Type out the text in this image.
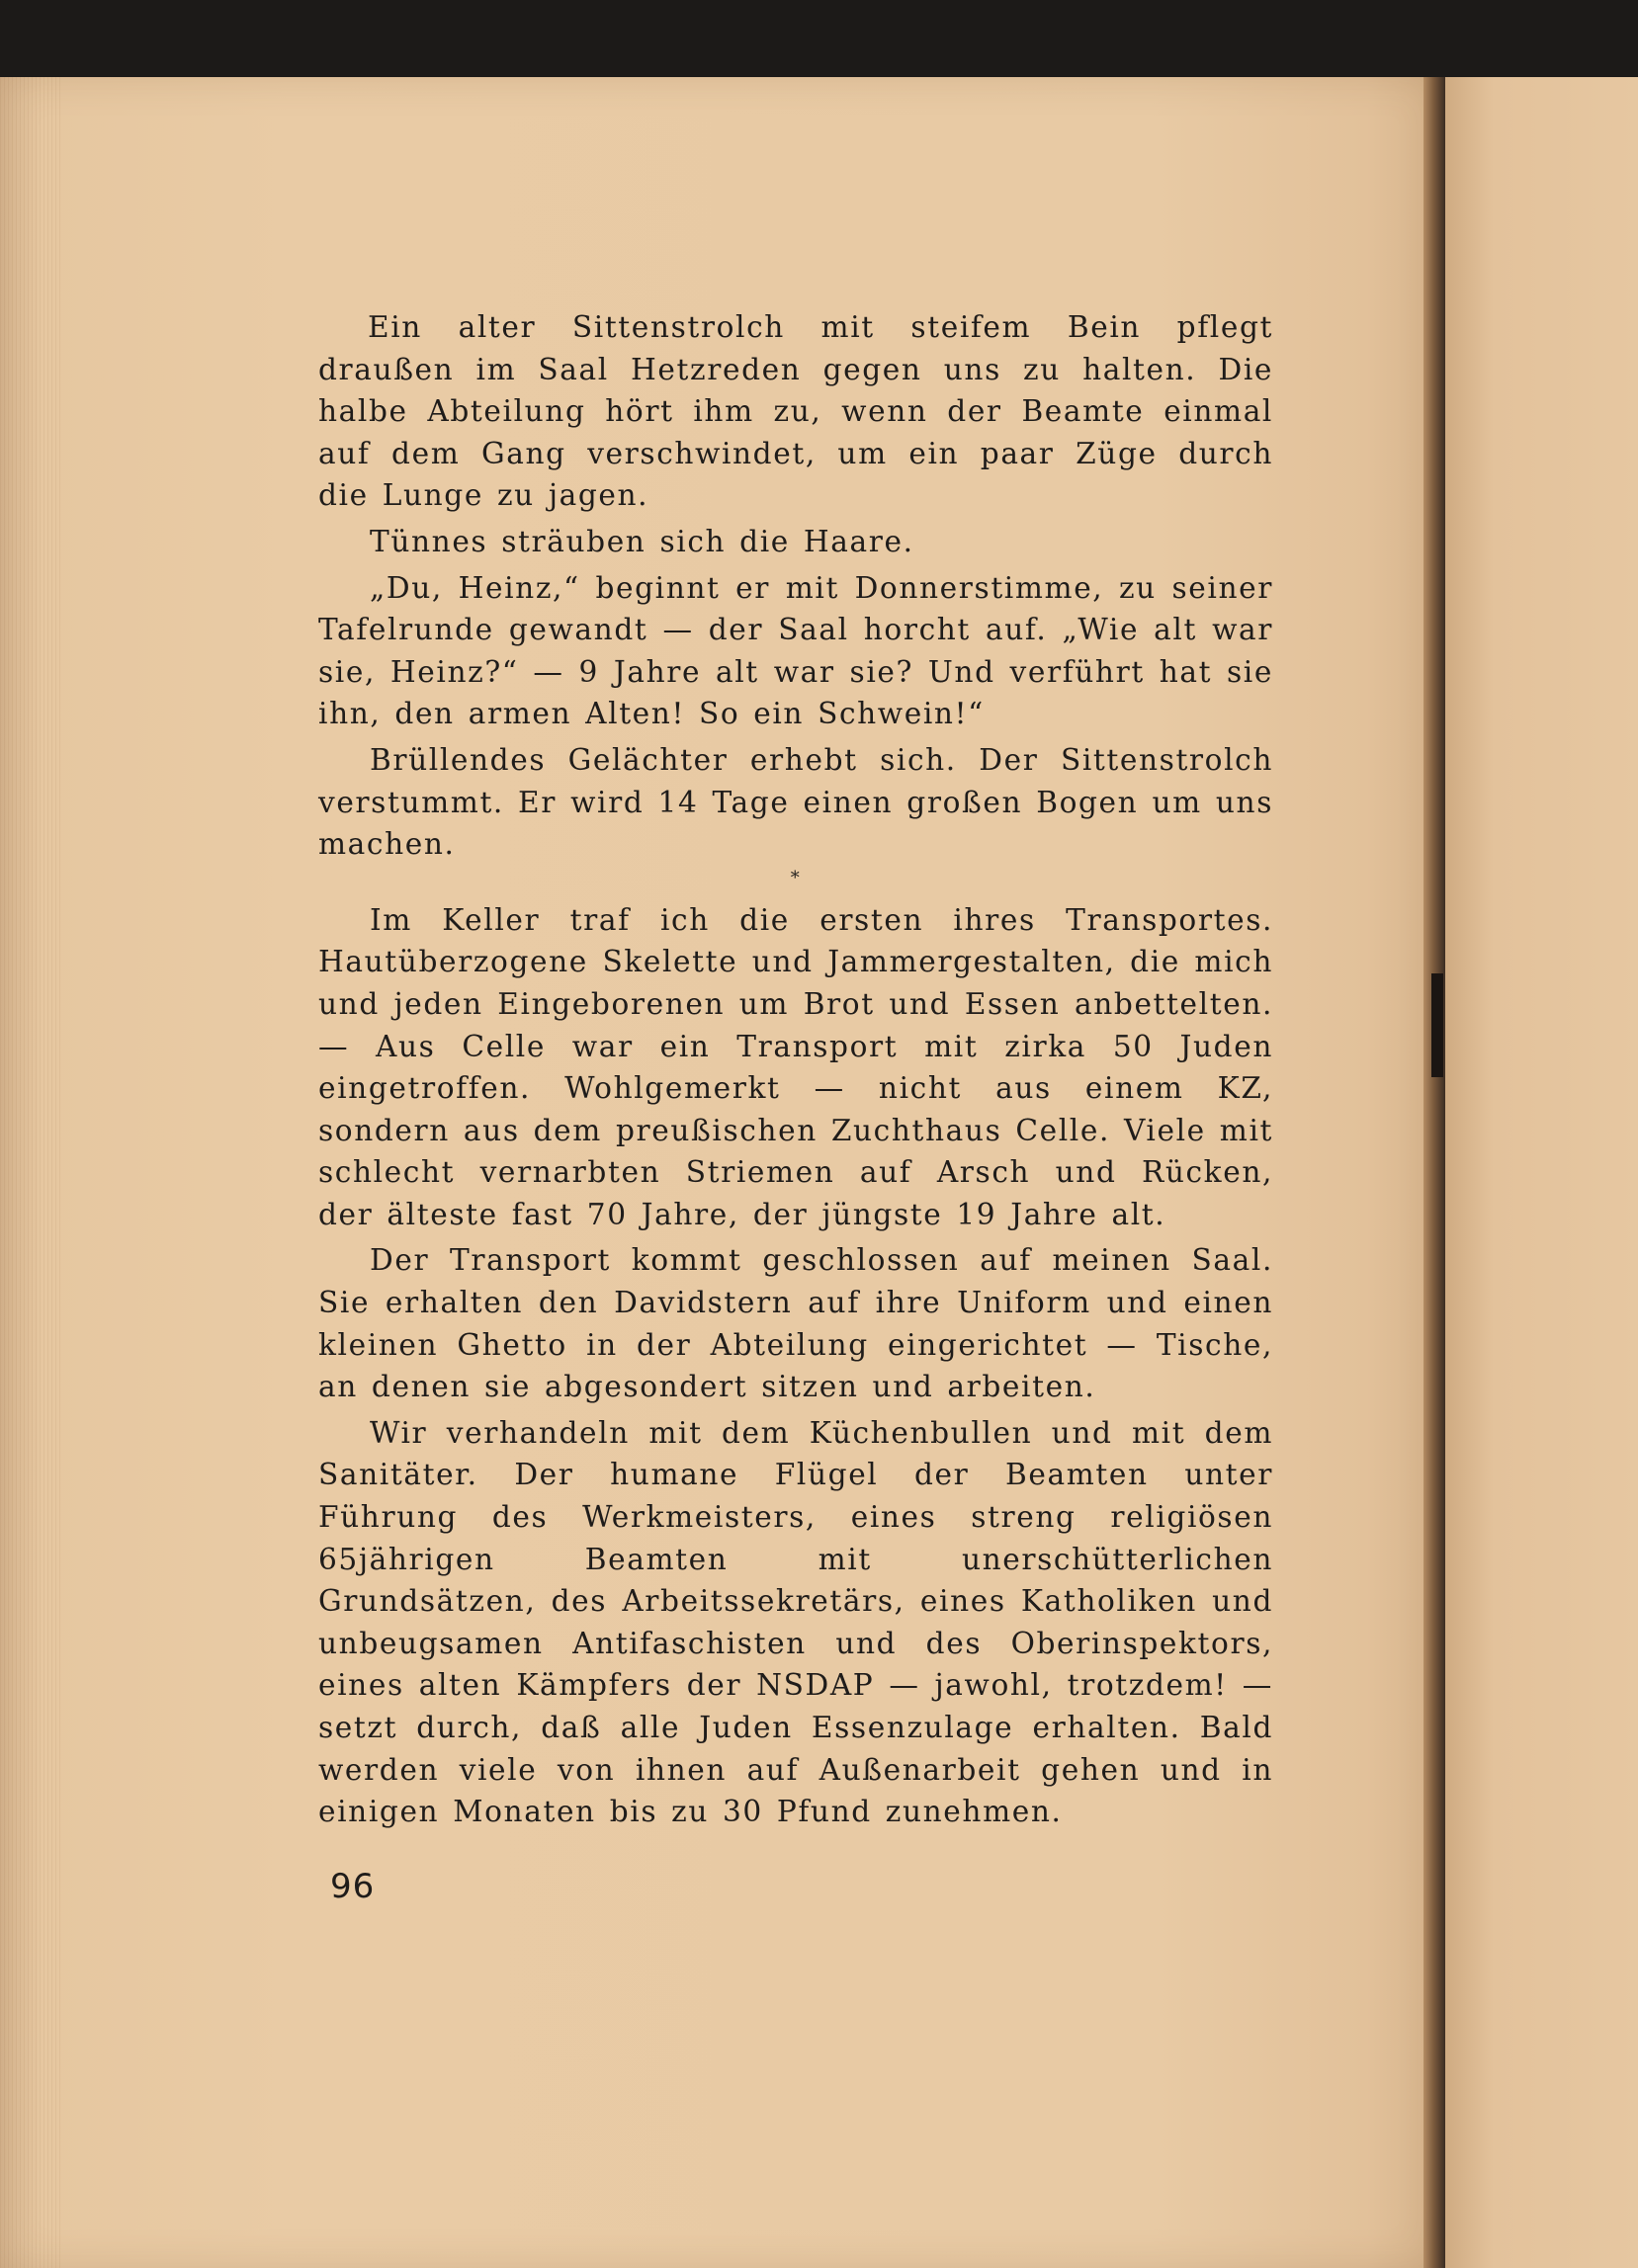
Ein alter Sittenstrolch mit steifem Bein pflegt draußen im Saal Hetzreden gegen uns zu halten. Die halbe Abteilung hört ihm zu, wenn der Beamte einmal auf dem Gang verschwindet, um ein paar Züge durch die Lunge zu jagen.

Tünnes sträuben sich die Haare.

„Du, Heinz,“ beginnt er mit Donnerstimme, zu seiner Tafelrunde gewandt — der Saal horcht auf. „Wie alt war sie, Heinz?“ — 9 Jahre alt war sie? Und verführt hat sie ihn, den armen Alten! So ein Schwein!“

Brüllendes Gelächter erhebt sich. Der Sittenstrolch verstummt. Er wird 14 Tage einen großen Bogen um uns machen.

*

Im Keller traf ich die ersten ihres Transportes. Hautüberzogene Skelette und Jammergestalten, die mich und jeden Eingeborenen um Brot und Essen anbettelten. — Aus Celle war ein Transport mit zirka 50 Juden eingetroffen. Wohlgemerkt — nicht aus einem KZ, sondern aus dem preußischen Zuchthaus Celle. Viele mit schlecht vernarbten Striemen auf Arsch und Rücken, der älteste fast 70 Jahre, der jüngste 19 Jahre alt.

Der Transport kommt geschlossen auf meinen Saal. Sie erhalten den Davidstern auf ihre Uniform und einen kleinen Ghetto in der Abteilung eingerichtet — Tische, an denen sie abgesondert sitzen und arbeiten.

Wir verhandeln mit dem Küchenbullen und mit dem Sanitäter. Der humane Flügel der Beamten unter Führung des Werkmeisters, eines streng religiösen 65jährigen Beamten mit unerschütterlichen Grundsätzen, des Arbeitssekretärs, eines Katholiken und unbeugsamen Antifaschisten und des Oberinspektors, eines alten Kämpfers der NSDAP — jawohl, trotzdem! — setzt durch, daß alle Juden Essenzulage erhalten. Bald werden viele von ihnen auf Außenarbeit gehen und in einigen Monaten bis zu 30 Pfund zunehmen.

96
